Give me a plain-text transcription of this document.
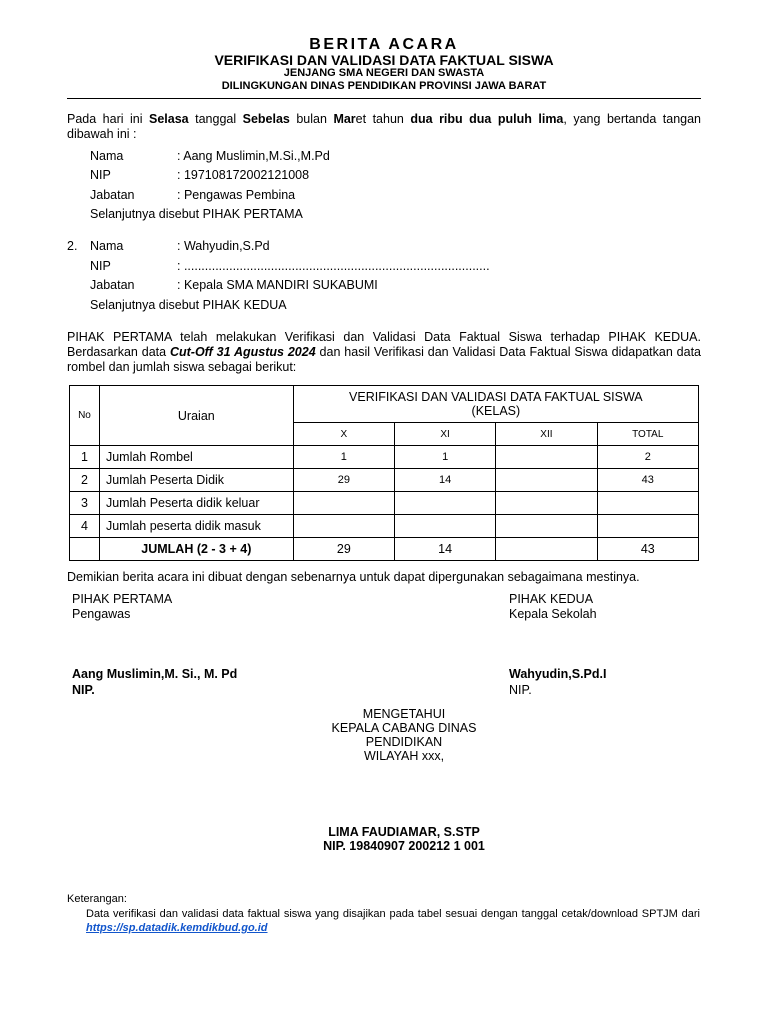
BERITA ACARA
VERIFIKASI DAN VALIDASI DATA FAKTUAL SISWA
JENJANG SMA NEGERI DAN SWASTA
DILINGKUNGAN DINAS PENDIDIKAN PROVINSI JAWA BARAT
Pada hari ini Selasa tanggal Sebelas bulan Maret tahun dua ribu dua puluh lima, yang bertanda tangan dibawah ini :
Nama	: Aang Muslimin,M.Si.,M.Pd
NIP	: 197108172002121008
Jabatan	: Pengawas Pembina
Selanjutnya disebut PIHAK PERTAMA
2. Nama	: Wahyudin,S.Pd
NIP	: ........................................................................................
Jabatan	: Kepala SMA MANDIRI SUKABUMI
Selanjutnya disebut PIHAK KEDUA
PIHAK PERTAMA telah melakukan Verifikasi dan Validasi Data Faktual Siswa terhadap PIHAK KEDUA. Berdasarkan data Cut-Off 31 Agustus 2024 dan hasil Verifikasi dan Validasi Data Faktual Siswa didapatkan data rombel dan jumlah siswa sebagai berikut:
No	Uraian	VERIFIKASI DAN VALIDASI DATA FAKTUAL SISWA
(KELAS)			

		X	XI	XII	TOTAL
1	Jumlah Rombel	1	1		2
2	Jumlah Peserta Didik	29	14		43
3	Jumlah Peserta didik keluar				
4	Jumlah peserta didik masuk				
	JUMLAH (2 - 3 + 4)	29	14		43
Demikian berita acara ini dibuat dengan sebenarnya untuk dapat dipergunakan sebagaimana mestinya.
PIHAK PERTAMA
Pengawas
PIHAK KEDUA
Kepala Sekolah
Aang Muslimin,M. Si., M. Pd
NIP.
Wahyudin,S.Pd.I
NIP.
MENGETAHUI
KEPALA CABANG DINAS
PENDIDIKAN
WILAYAH xxx,
LIMA FAUDIAMAR, S.STP
NIP. 19840907 200212 1 001
Keterangan:
Data verifikasi dan validasi data faktual siswa yang disajikan pada tabel sesuai dengan tanggal cetak/download SPTJM dari https://sp.datadik.kemdikbud.go.id
